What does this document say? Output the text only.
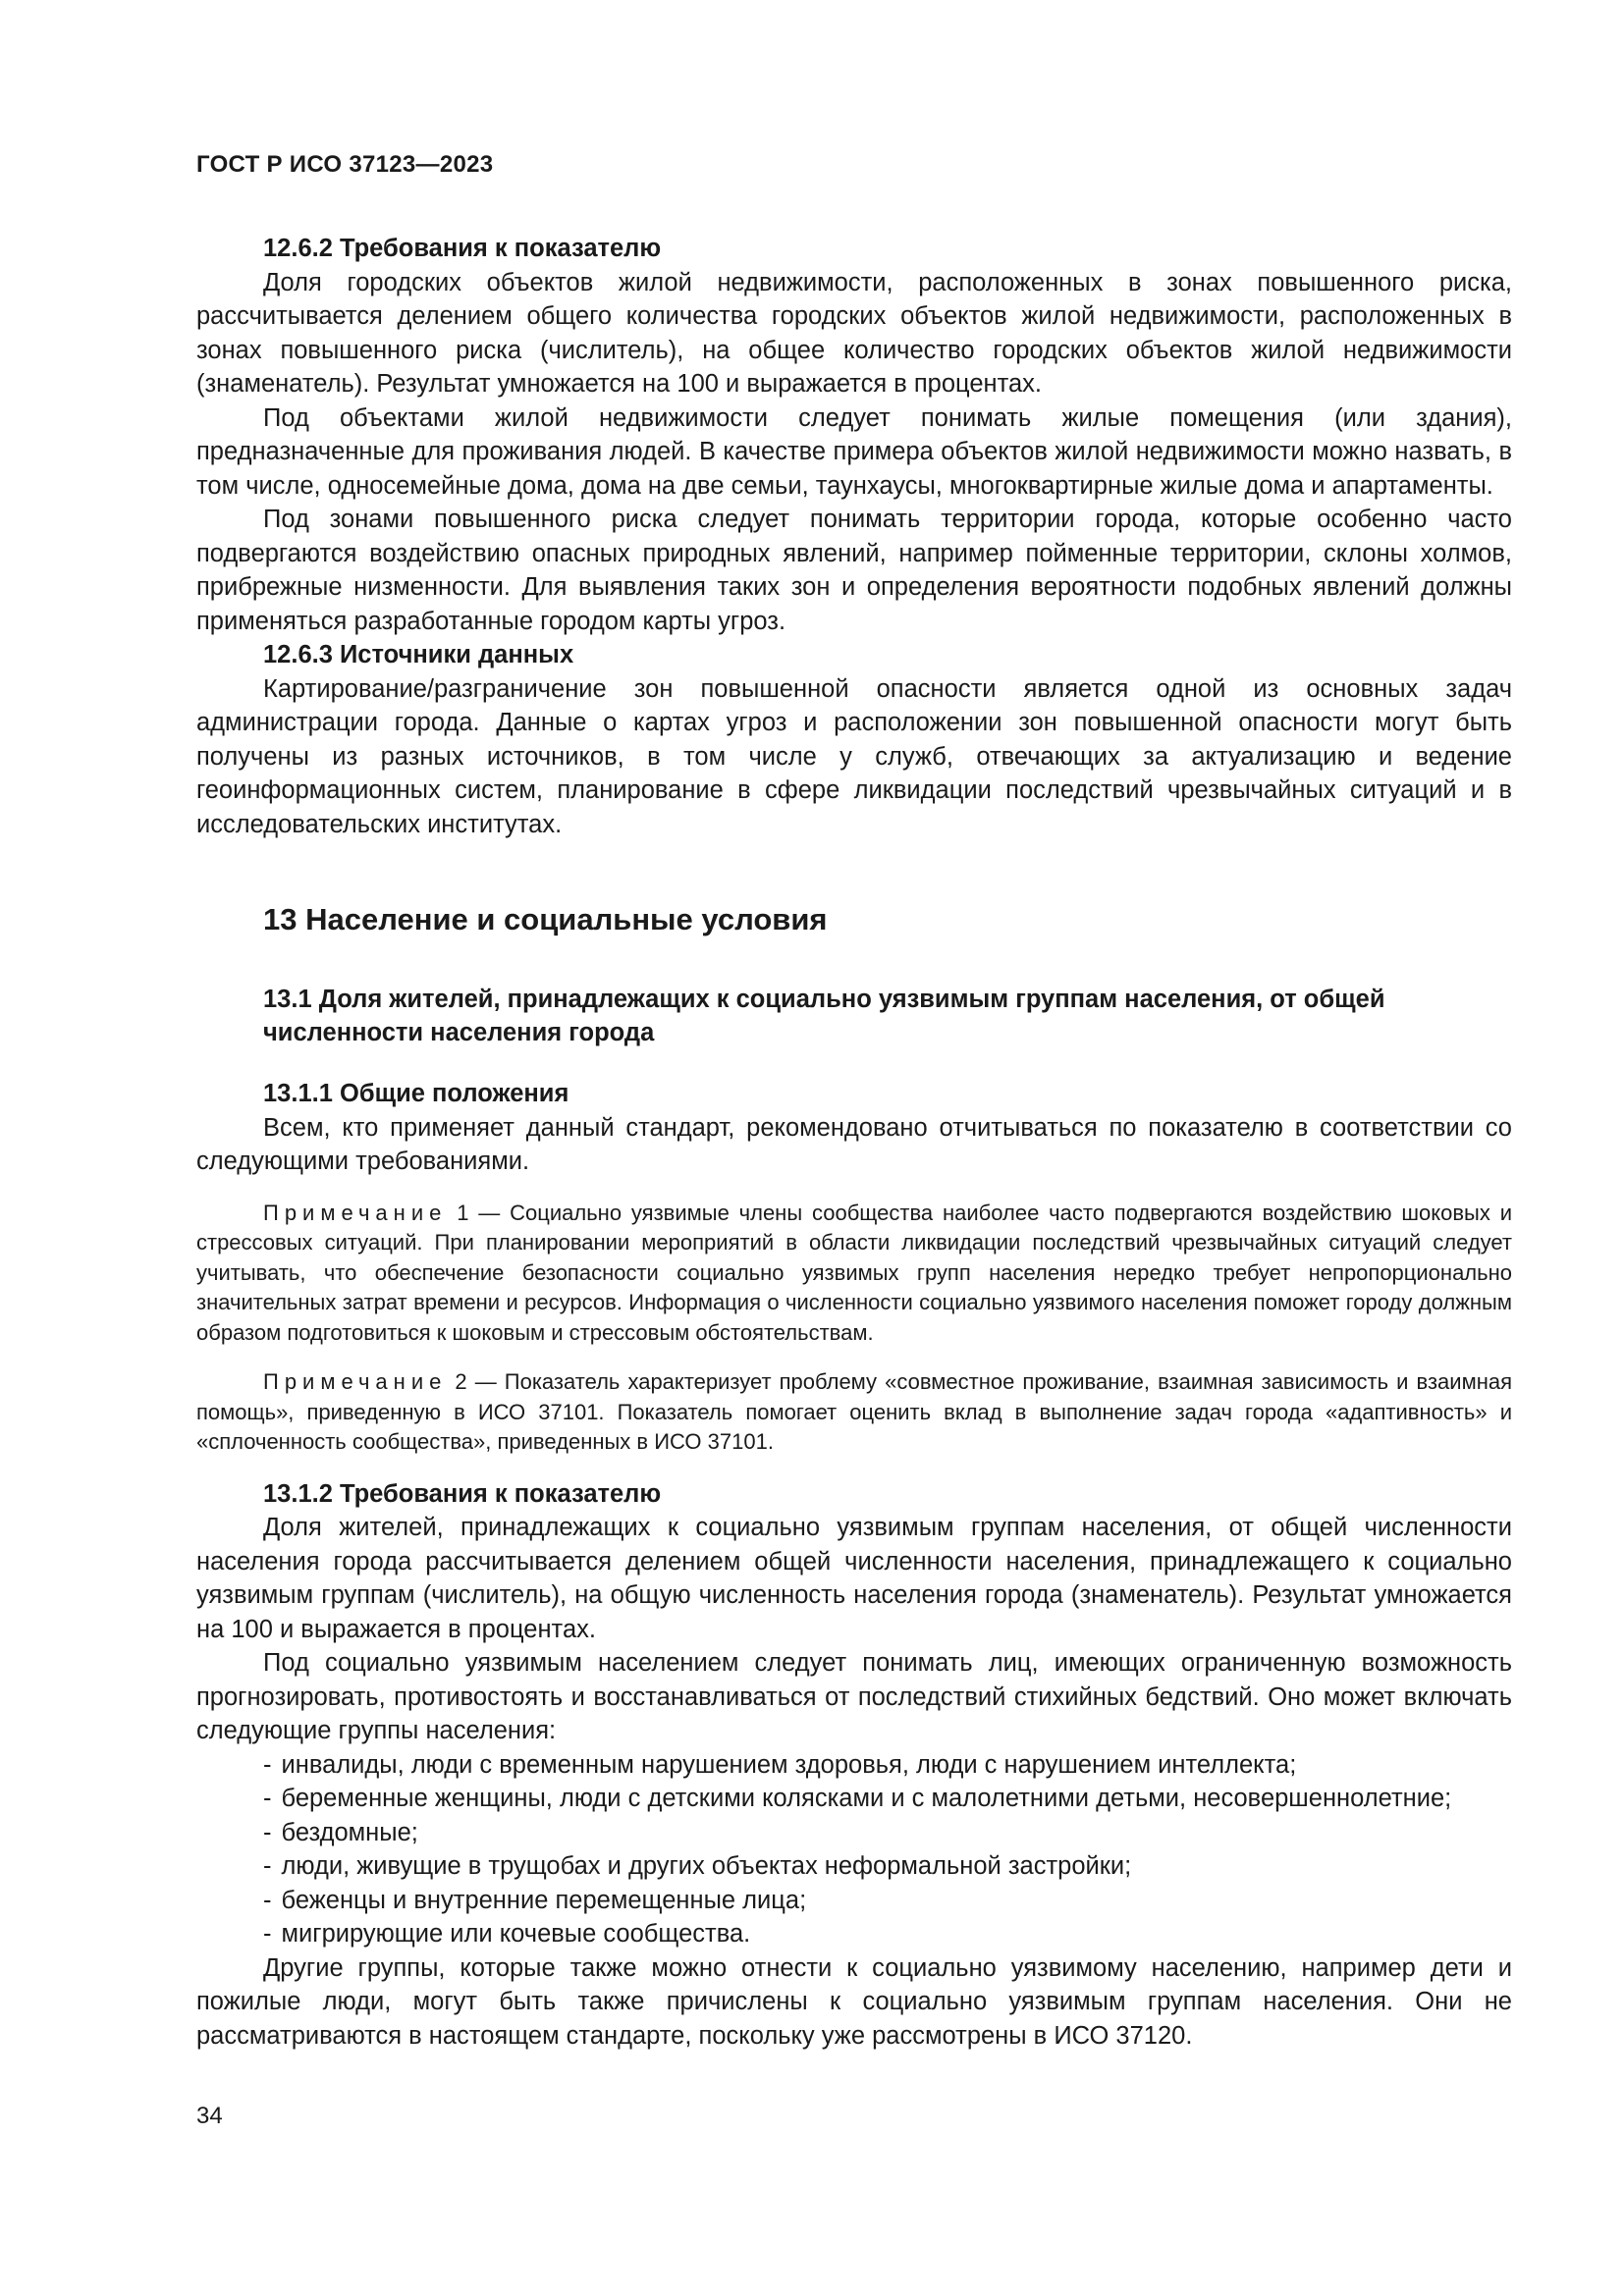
ГОСТ Р ИСО 37123—2023
12.6.2 Требования к показателю

Доля городских объектов жилой недвижимости, расположенных в зонах повышенного риска, рассчитывается делением общего количества городских объектов жилой недвижимости, расположенных в зонах повышенного риска (числитель), на общее количество городских объектов жилой недвижимости (знаменатель). Результат умножается на 100 и выражается в процентах.

Под объектами жилой недвижимости следует понимать жилые помещения (или здания), предназначенные для проживания людей. В качестве примера объектов жилой недвижимости можно назвать, в том числе, односемейные дома, дома на две семьи, таунхаусы, многоквартирные жилые дома и апартаменты.

Под зонами повышенного риска следует понимать территории города, которые особенно часто подвергаются воздействию опасных природных явлений, например пойменные территории, склоны холмов, прибрежные низменности. Для выявления таких зон и определения вероятности подобных явлений должны применяться разработанные городом карты угроз.

12.6.3 Источники данных

Картирование/разграничение зон повышенной опасности является одной из основных задач администрации города. Данные о картах угроз и расположении зон повышенной опасности могут быть получены из разных источников, в том числе у служб, отвечающих за актуализацию и ведение геоинформационных систем, планирование в сфере ликвидации последствий чрезвычайных ситуаций и в исследовательских институтах.

13 Население и социальные условия
13.1 Доля жителей, принадлежащих к социально уязвимым группам населения, от общей численности населения города
13.1.1 Общие положения

Всем, кто применяет данный стандарт, рекомендовано отчитываться по показателю в соответствии со следующими требованиями.

Примечание 1 — Социально уязвимые члены сообщества наиболее часто подвергаются воздействию шоковых и стрессовых ситуаций. При планировании мероприятий в области ликвидации последствий чрезвычайных ситуаций следует учитывать, что обеспечение безопасности социально уязвимых групп населения нередко требует непропорционально значительных затрат времени и ресурсов. Информация о численности социально уязвимого населения поможет городу должным образом подготовиться к шоковым и стрессовым обстоятельствам.
Примечание 2 — Показатель характеризует проблему «совместное проживание, взаимная зависимость и взаимная помощь», приведенную в ИСО 37101. Показатель помогает оценить вклад в выполнение задач города «адаптивность» и «сплоченность сообщества», приведенных в ИСО 37101.
13.1.2 Требования к показателю

Доля жителей, принадлежащих к социально уязвимым группам населения, от общей численности населения города рассчитывается делением общей численности населения, принадлежащего к социально уязвимым группам (числитель), на общую численность населения города (знаменатель). Результат умножается на 100 и выражается в процентах.

Под социально уязвимым населением следует понимать лиц, имеющих ограниченную возможность прогнозировать, противостоять и восстанавливаться от последствий стихийных бедствий. Оно может включать следующие группы населения:

- инвалиды, люди с временным нарушением здоровья, люди с нарушением интеллекта;
- беременные женщины, люди с детскими колясками и с малолетними детьми, несовершеннолетние;
- бездомные;
- люди, живущие в трущобах и других объектах неформальной застройки;
- беженцы и внутренние перемещенные лица;
- мигрирующие или кочевые сообщества.

Другие группы, которые также можно отнести к социально уязвимому населению, например дети и пожилые люди, могут быть также причислены к социально уязвимым группам населения. Они не рассматриваются в настоящем стандарте, поскольку уже рассмотрены в ИСО 37120.

34
